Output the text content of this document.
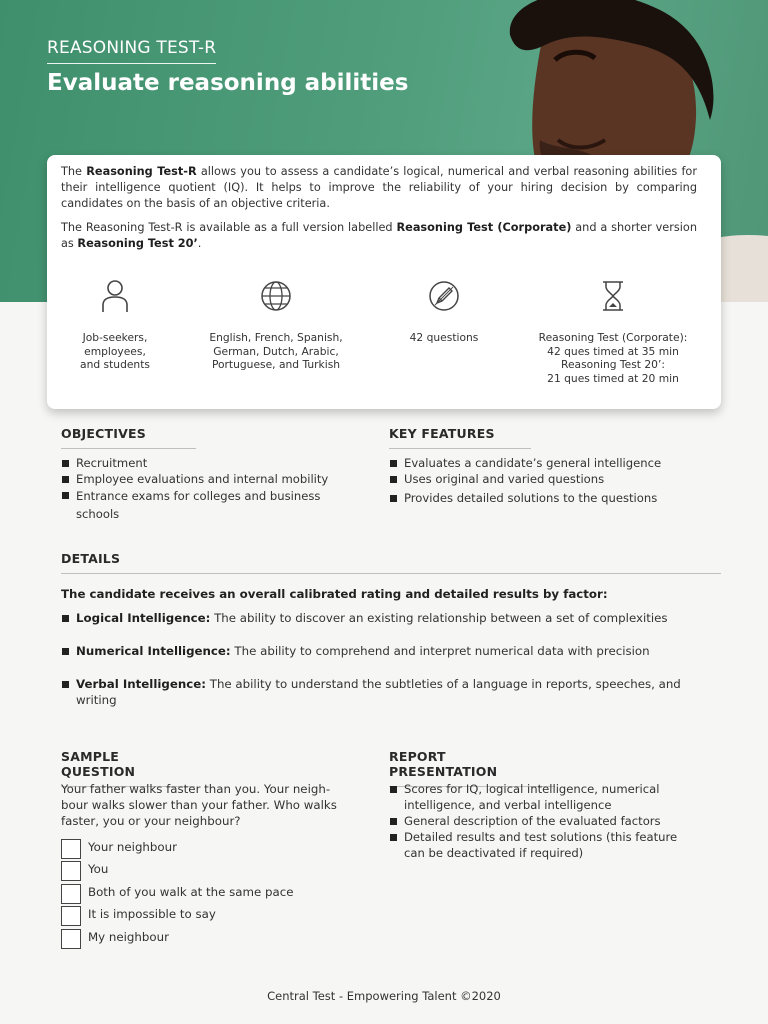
REASONING TEST-R
Evaluate reasoning abilities

The Reasoning Test-R allows you to assess a candidate’s logical, numerical and verbal reasoning abilities for their intelligence quotient (IQ). It helps to improve the reliability of your hiring decision by comparing candidates on the basis of an objective criteria.

The Reasoning Test-R is available as a full version labelled Reasoning Test (Corporate) and a shorter version as Reasoning Test 20’.

Job-seekers,
employees,
and students
English, French, Spanish,
German, Dutch, Arabic,
Portuguese, and Turkish
42 questions	Reasoning Test (Corporate):
42 ques timed at 35 min
Reasoning Test 20’:
21 ques timed at 20 min
OBJECTIVES
Recruitment
Employee evaluations and internal mobility
Entrance exams for colleges and business schools
KEY FEATURES
Evaluates a candidate’s general intelligence
Uses original and varied questions
Provides detailed solutions to the questions
DETAILS
The candidate receives an overall calibrated rating and detailed results by factor:
Logical Intelligence: The ability to discover an existing relationship between a set of complexities
Numerical Intelligence: The ability to comprehend and interpret numerical data with precision
Verbal Intelligence: The ability to understand the subtleties of a language in reports, speeches, and writing
SAMPLE QUESTION
Your father walks faster than you. Your neigh-bour walks slower than your father. Who walks faster, you or your neighbour?
Your neighbour
You
Both of you walk at the same pace
It is impossible to say
My neighbour
REPORT PRESENTATION
Scores for IQ, logical intelligence, numerical intelligence, and verbal intelligence
General description of the evaluated factors
Detailed results and test solutions (this feature can be deactivated if required)
Central Test - Empowering Talent ©2020
